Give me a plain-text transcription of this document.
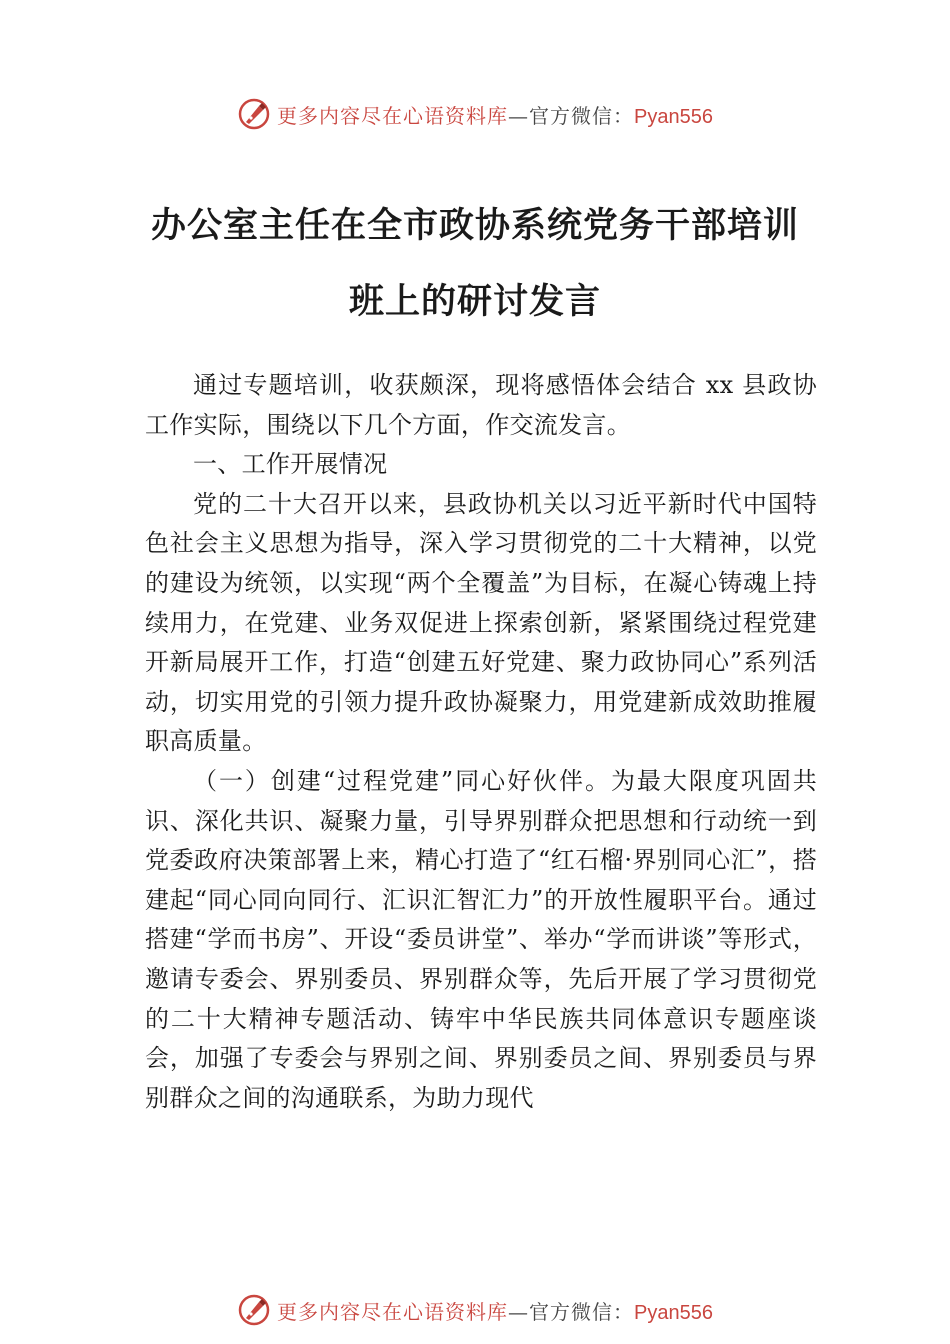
更多内容尽在心语资料库—官方微信：Pyan556
办公室主任在全市政协系统党务干部培训
班上的研讨发言

通过专题培训，收获颇深，现将感悟体会结合 xx 县政协工作实际，围绕以下几个方面，作交流发言。

一、工作开展情况

党的二十大召开以来，县政协机关以习近平新时代中国特色社会主义思想为指导，深入学习贯彻党的二十大精神，以党的建设为统领，以实现“两个全覆盖”为目标，在凝心铸魂上持续用力，在党建、业务双促进上探索创新，紧紧围绕过程党建开新局展开工作，打造“创建五好党建、聚力政协同心”系列活动，切实用党的引领力提升政协凝聚力，用党建新成效助推履职高质量。

（一）创建“过程党建”同心好伙伴。为最大限度巩固共识、深化共识、凝聚力量，引导界别群众把思想和行动统一到党委政府决策部署上来，精心打造了“红石榴·界别同心汇”，搭建起“同心同向同行、汇识汇智汇力”的开放性履职平台。通过搭建“学而书房”、开设“委员讲堂”、举办“学而讲谈”等形式，邀请专委会、界别委员、界别群众等，先后开展了学习贯彻党的二十大精神专题活动、铸牢中华民族共同体意识专题座谈会，加强了专委会与界别之间、界别委员之间、界别委员与界别群众之间的沟通联系，为助力现代

更多内容尽在心语资料库—官方微信：Pyan556
